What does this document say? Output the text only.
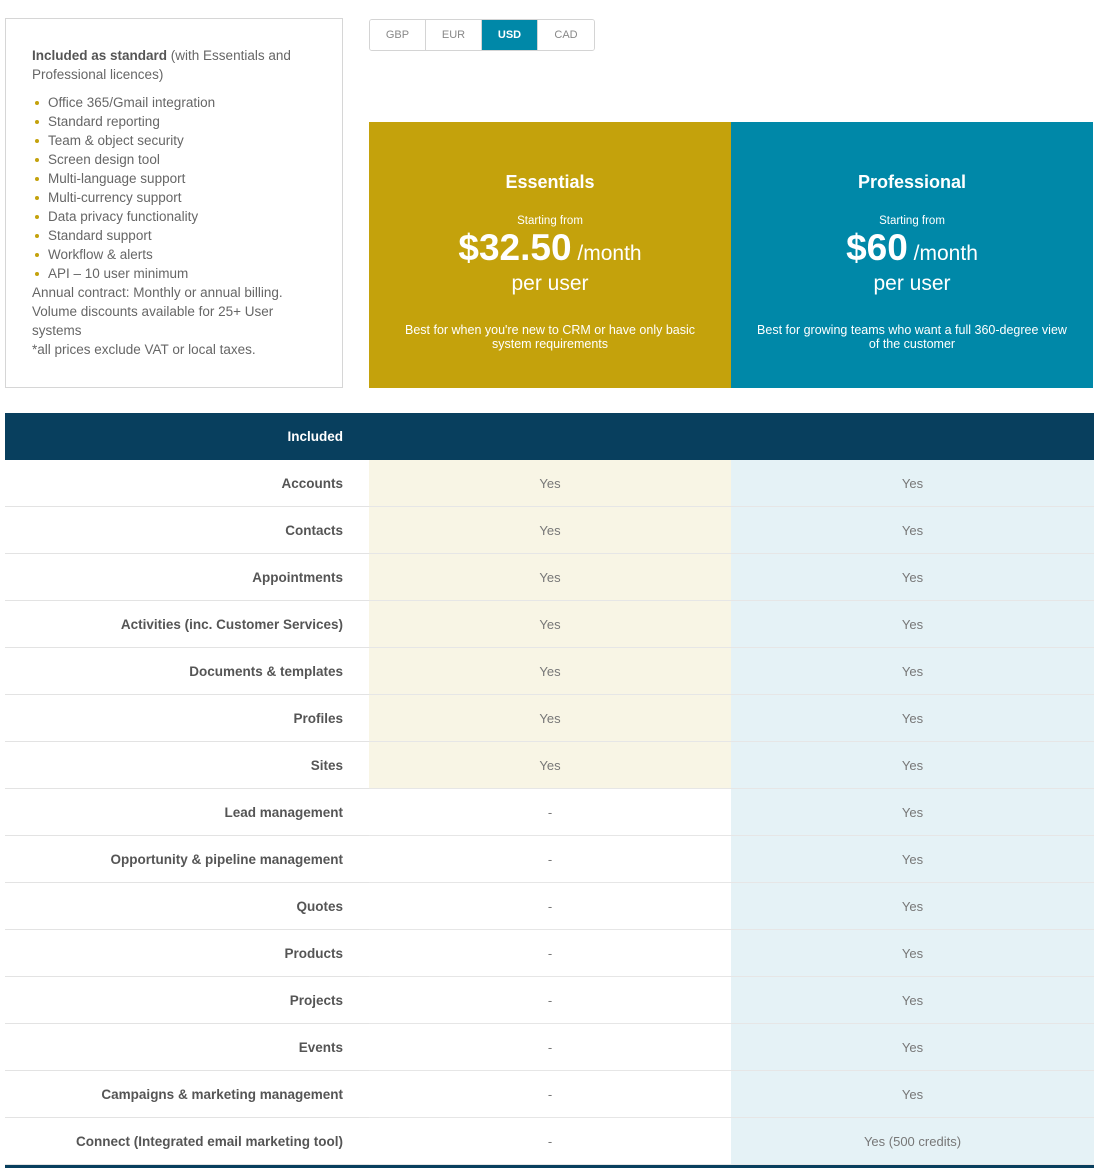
Included as standard (with Essentials and Professional licences)

Office 365/Gmail integration
Standard reporting
Team & object security
Screen design tool
Multi-language support
Multi-currency support
Data privacy functionality
Standard support
Workflow & alerts
API – 10 user minimum
Annual contract: Monthly or annual billing.
Volume discounts available for 25+ User systems
*all prices exclude VAT or local taxes.
GBP	EUR	USD	CAD
Essentials
Starting from
$32.50 /month
per user
Best for when you're new to CRM or have only basic system requirements
Professional
Starting from
$60 /month
per user
Best for growing teams who want a full 360-degree view of the customer
Included
Accounts	Yes	Yes
Contacts	Yes	Yes
Appointments	Yes	Yes
Activities (inc. Customer Services)	Yes	Yes
Documents & templates	Yes	Yes
Profiles	Yes	Yes
Sites	Yes	Yes
Lead management	-	Yes
Opportunity & pipeline management	-	Yes
Quotes	-	Yes
Products	-	Yes
Projects	-	Yes
Events	-	Yes
Campaigns & marketing management	-	Yes
Connect (Integrated email marketing tool)	-	Yes (500 credits)
